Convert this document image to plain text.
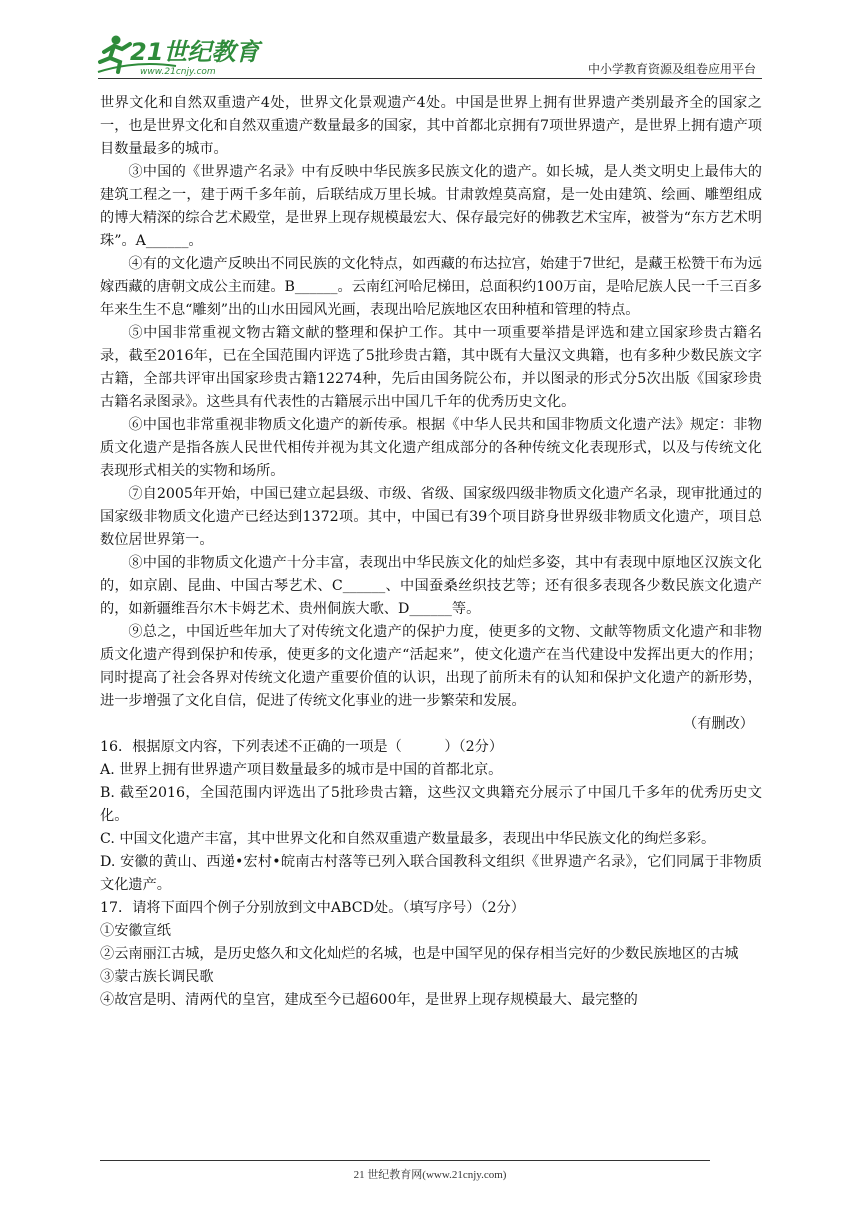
21世纪教育
www.21cnjy.com	中小学教育资源及组卷应用平台

世界文化和自然双重遗产4处，世界文化景观遗产4处。中国是世界上拥有世界遗产类别最齐全的国家之一，也是世界文化和自然双重遗产数量最多的国家，其中首都北京拥有7项世界遗产，是世界上拥有遗产项目数量最多的城市。

③中国的《世界遗产名录》中有反映中华民族多民族文化的遗产。如长城，是人类文明史上最伟大的建筑工程之一，建于两千多年前，后联结成万里长城。甘肃敦煌莫高窟，是一处由建筑、绘画、雕塑组成的博大精深的综合艺术殿堂，是世界上现存规模最宏大、保存最完好的佛教艺术宝库，被誉为“东方艺术明珠”。A______。

④有的文化遗产反映出不同民族的文化特点，如西藏的布达拉宫，始建于7世纪，是藏王松赞干布为远嫁西藏的唐朝文成公主而建。B______。云南红河哈尼梯田，总面积约100万亩，是哈尼族人民一千三百多年来生生不息“雕刻”出的山水田园风光画，表现出哈尼族地区农田种植和管理的特点。

⑤中国非常重视文物古籍文献的整理和保护工作。其中一项重要举措是评选和建立国家珍贵古籍名录，截至2016年，已在全国范围内评选了5批珍贵古籍，其中既有大量汉文典籍，也有多种少数民族文字古籍，全部共评审出国家珍贵古籍12274种，先后由国务院公布，并以图录的形式分5次出版《国家珍贵古籍名录图录》。这些具有代表性的古籍展示出中国几千年的优秀历史文化。

⑥中国也非常重视非物质文化遗产的新传承。根据《中华人民共和国非物质文化遗产法》规定：非物质文化遗产是指各族人民世代相传并视为其文化遗产组成部分的各种传统文化表现形式，以及与传统文化表现形式相关的实物和场所。

⑦自2005年开始，中国已建立起县级、市级、省级、国家级四级非物质文化遗产名录，现审批通过的国家级非物质文化遗产已经达到1372项。其中，中国已有39个项目跻身世界级非物质文化遗产，项目总数位居世界第一。

⑧中国的非物质文化遗产十分丰富，表现出中华民族文化的灿烂多姿，其中有表现中原地区汉族文化的，如京剧、昆曲、中国古琴艺术、C______、中国蚕桑丝织技艺等；还有很多表现各少数民族文化遗产的，如新疆维吾尔木卡姆艺术、贵州侗族大歌、D______等。

⑨总之，中国近些年加大了对传统文化遗产的保护力度，使更多的文物、文献等物质文化遗产和非物质文化遗产得到保护和传承，使更多的文化遗产“活起来”，使文化遗产在当代建设中发挥出更大的作用；同时提高了社会各界对传统文化遗产重要价值的认识，出现了前所未有的认知和保护文化遗产的新形势，进一步增强了文化自信，促进了传统文化事业的进一步繁荣和发展。

（有删改）

16．根据原文内容，下列表述不正确的一项是（　　　）（2分）

A. 世界上拥有世界遗产项目数量最多的城市是中国的首都北京。

B. 截至2016，全国范围内评选出了5批珍贵古籍，这些汉文典籍充分展示了中国几千多年的优秀历史文化。

C. 中国文化遗产丰富，其中世界文化和自然双重遗产数量最多，表现出中华民族文化的绚烂多彩。

D. 安徽的黄山、西递•宏村•皖南古村落等已列入联合国教科文组织《世界遗产名录》，它们同属于非物质文化遗产。

17．请将下面四个例子分别放到文中ABCD处。（填写序号）（2分）

①安徽宣纸

②云南丽江古城，是历史悠久和文化灿烂的名城，也是中国罕见的保存相当完好的少数民族地区的古城

③蒙古族长调民歌

④故宫是明、清两代的皇宫，建成至今已超600年，是世界上现存规模最大、最完整的

21 世纪教育网(www.21cnjy.com)
